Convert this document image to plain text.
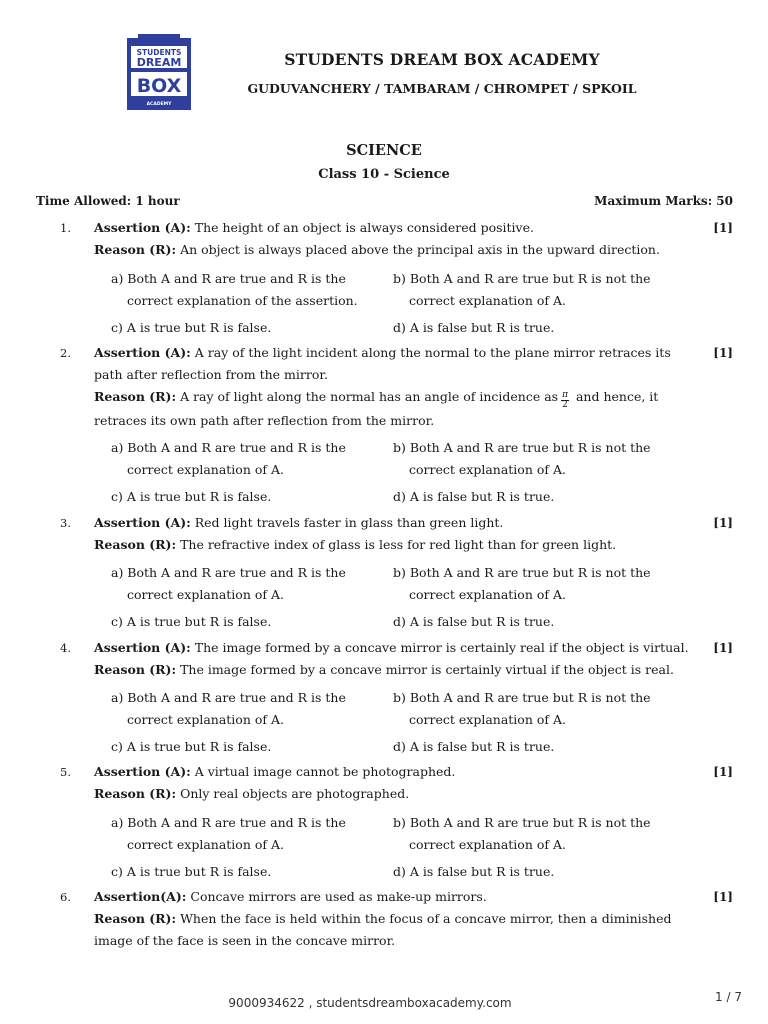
STUDENTS
DREAM
BOX
ACADEMY
STUDENTS DREAM BOX ACADEMY
GUDUVANCHERY / TAMBARAM / CHROMPET / SPKOIL
SCIENCE
Class 10 - Science
Time Allowed: 1 hour	Maximum Marks: 50
1. Assertion (A): The height of an object is always considered positive.
Reason (R): An object is always placed above the principal axis in the upward direction.
[1]
a) Both A and R are true and R is the
correct explanation of the assertion.
b) Both A and R are true but R is not the
correct explanation of A.
c) A is true but R is false.	d) A is false but R is true.
2. Assertion (A): A ray of the light incident along the normal to the plane mirror retraces its path after reflection from the mirror.
Reason (R): A ray of light along the normal has an angle of incidence as $\frac{\pi}{2}$ and hence, it retraces its own path after reflection from the mirror.
[1]
a) Both A and R are true and R is the
correct explanation of A.
b) Both A and R are true but R is not the
correct explanation of A.
c) A is true but R is false.	d) A is false but R is true.
3. Assertion (A): Red light travels faster in glass than green light.
Reason (R): The refractive index of glass is less for red light than for green light.
[1]
a) Both A and R are true and R is the
correct explanation of A.
b) Both A and R are true but R is not the
correct explanation of A.
c) A is true but R is false.	d) A is false but R is true.
4. Assertion (A): The image formed by a concave mirror is certainly real if the object is virtual.
Reason (R): The image formed by a concave mirror is certainly virtual if the object is real.
[1]
a) Both A and R are true and R is the
correct explanation of A.
b) Both A and R are true but R is not the
correct explanation of A.
c) A is true but R is false.	d) A is false but R is true.
5. Assertion (A): A virtual image cannot be photographed.
Reason (R): Only real objects are photographed.
[1]
a) Both A and R are true and R is the
correct explanation of A.
b) Both A and R are true but R is not the
correct explanation of A.
c) A is true but R is false.	d) A is false but R is true.
6. Assertion(A): Concave mirrors are used as make-up mirrors.
Reason (R): When the face is held within the focus of a concave mirror, then a diminished image of the face is seen in the concave mirror.
[1]
9000934622 , studentsdreamboxacademy.com	1 / 7
